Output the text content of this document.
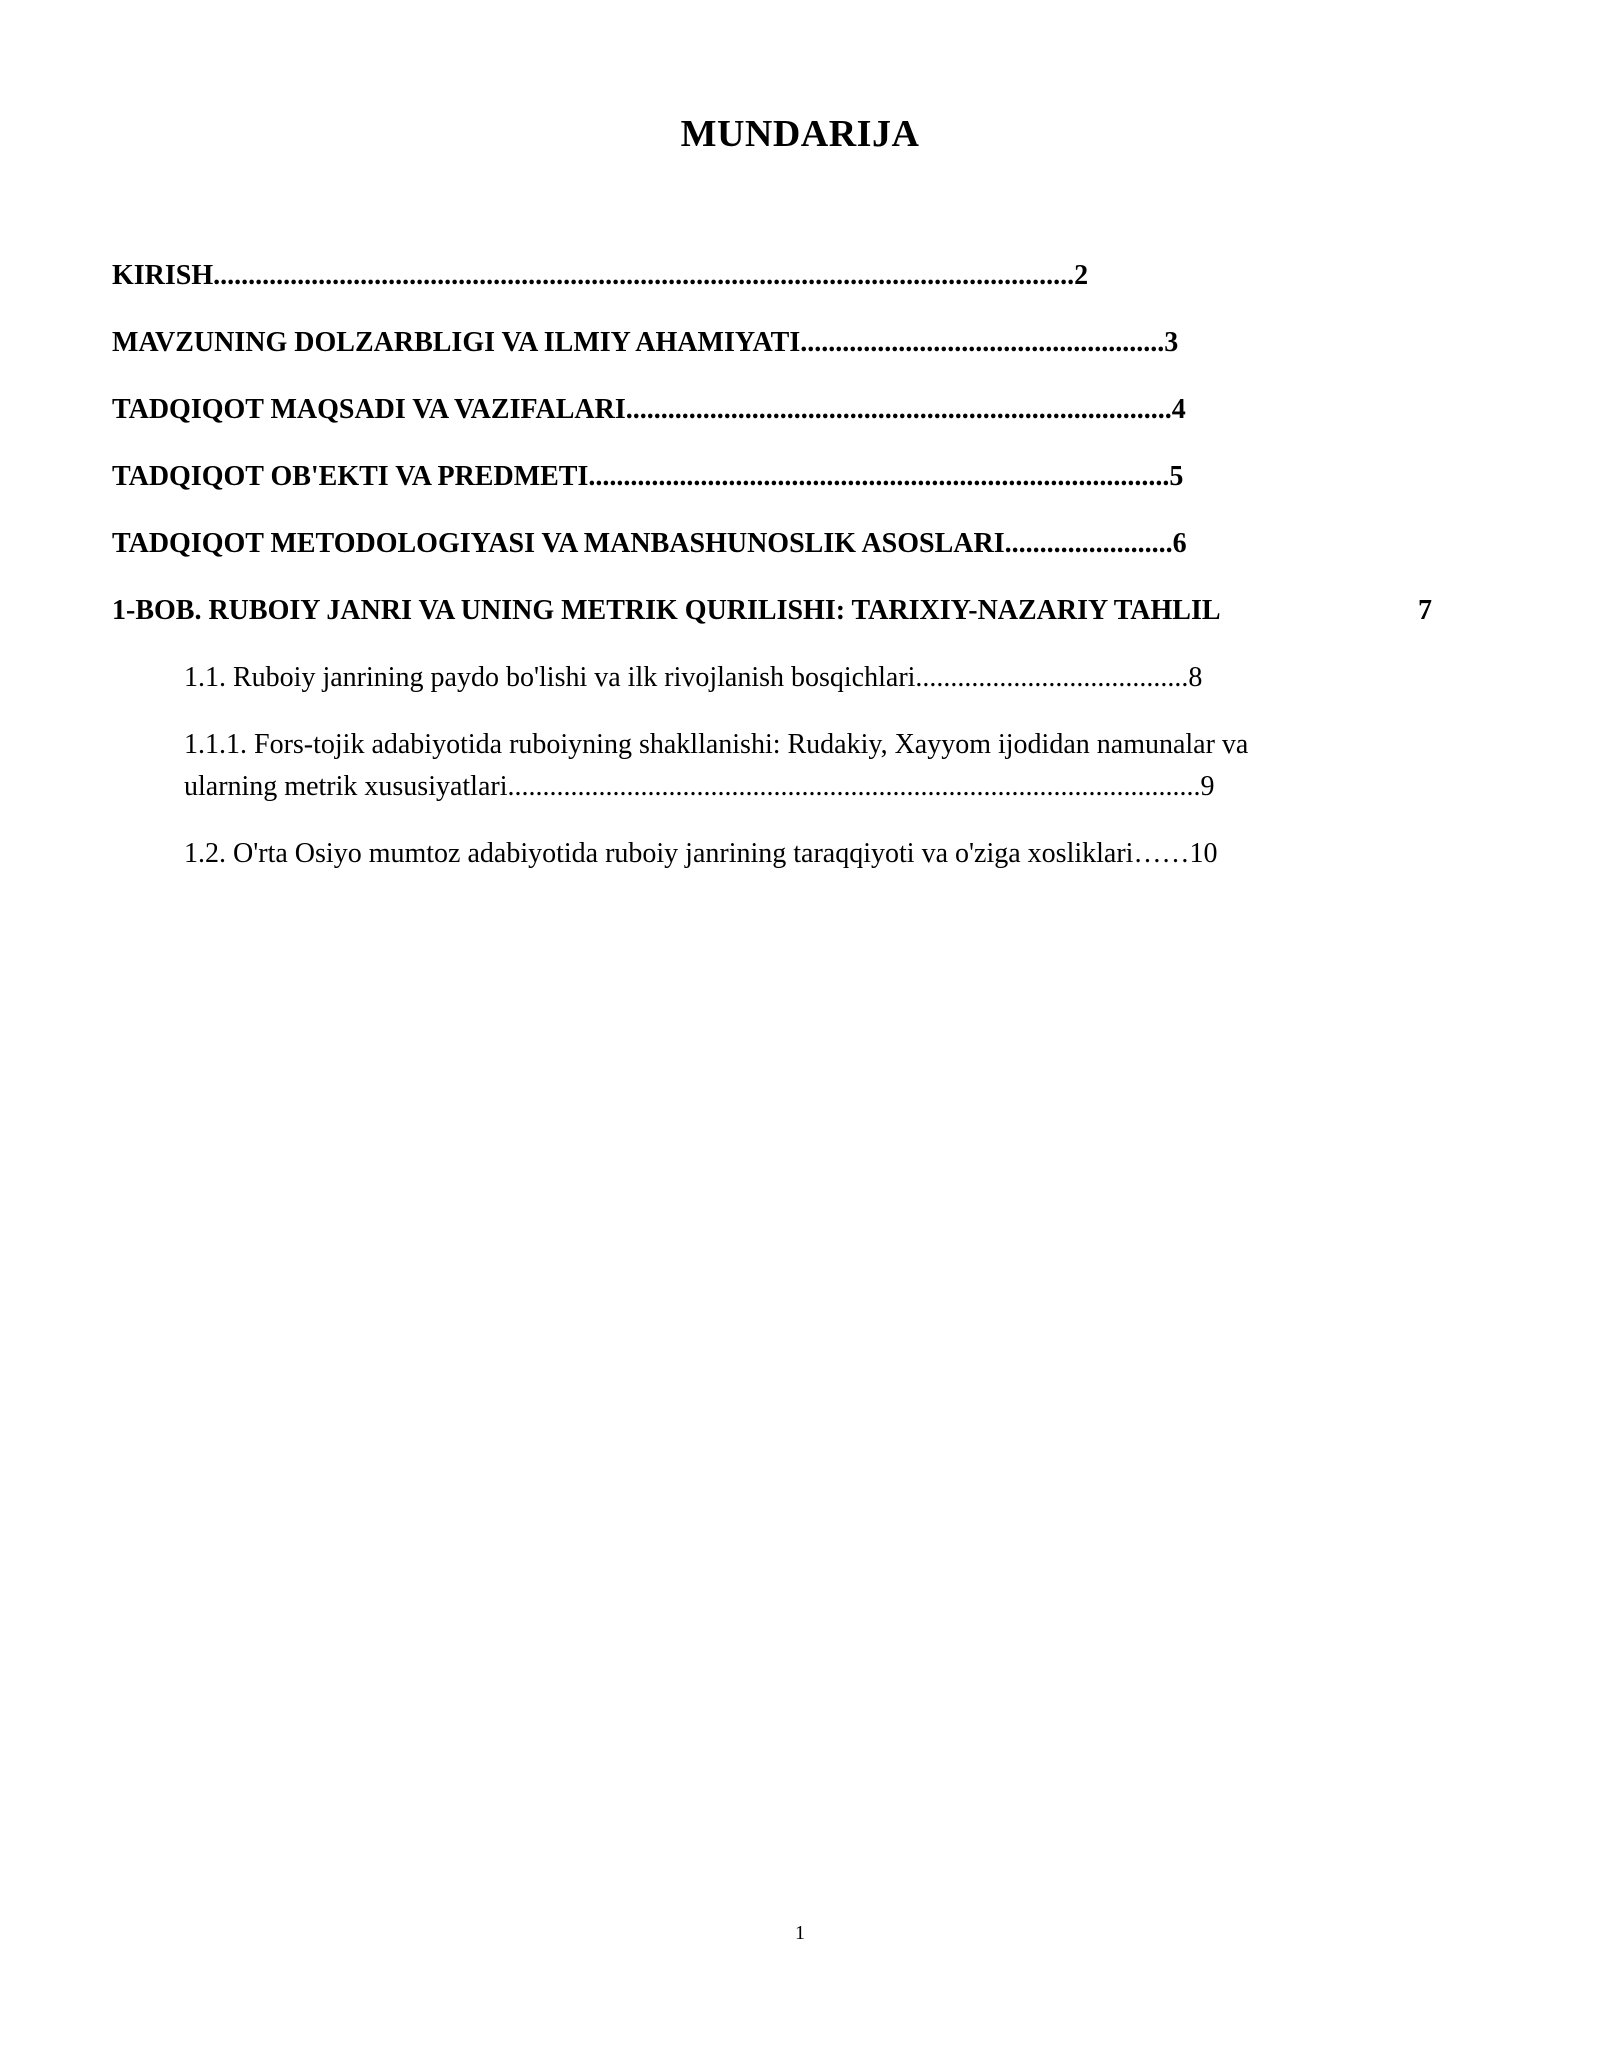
MUNDARIJA
KIRISH...........................................................................................................................2
MAVZUNING DOLZARBLIGI VA ILMIY AHAMIYATI....................................................3
TADQIQOT MAQSADI VA VAZIFALARI..............................................................................4
TADQIQOT OB'EKTI VA PREDMETI...................................................................................5
TADQIQOT METODOLOGIYASI VA MANBASHUNOSLIK ASOSLARI........................6
1-BOB. RUBOIY JANRI VA UNING METRIK QURILISHI: TARIXIY-NAZARIY TAHLIL	7
1.1. Ruboiy janrining paydo bo'lishi va ilk rivojlanish bosqichlari.......................................8
1.1.1. Fors-tojik adabiyotida ruboiyning shakllanishi: Rudakiy, Xayyom ijodidan namunalar va
ularning metrik xususiyatlari...................................................................................................9
1.2. O'rta Osiyo mumtoz adabiyotida ruboiy janrining taraqqiyoti va o'ziga xosliklari……10
1
